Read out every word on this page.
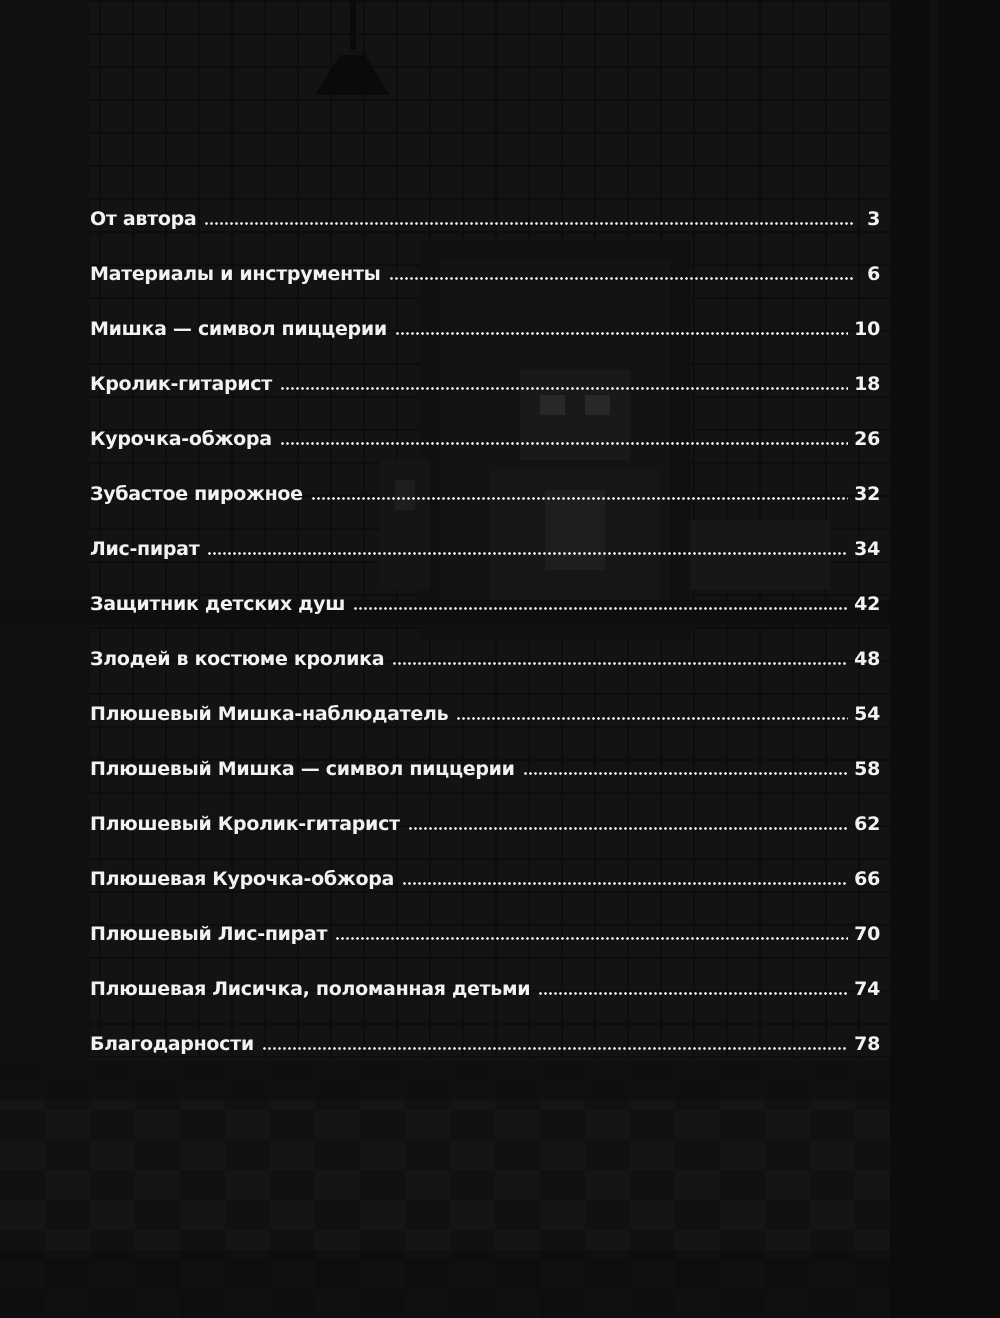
От автора	3
Материалы и инструменты	6
Мишка — символ пиццерии	10
Кролик-гитарист	18
Курочка-обжора	26
Зубастое пирожное	32
Лис-пират	34
Защитник детских душ	42
Злодей в костюме кролика	48
Плюшевый Мишка-наблюдатель	54
Плюшевый Мишка — символ пиццерии	58
Плюшевый Кролик-гитарист	62
Плюшевая Курочка-обжора	66
Плюшевый Лис-пират	70
Плюшевая Лисичка, поломанная детьми	74
Благодарности	78
